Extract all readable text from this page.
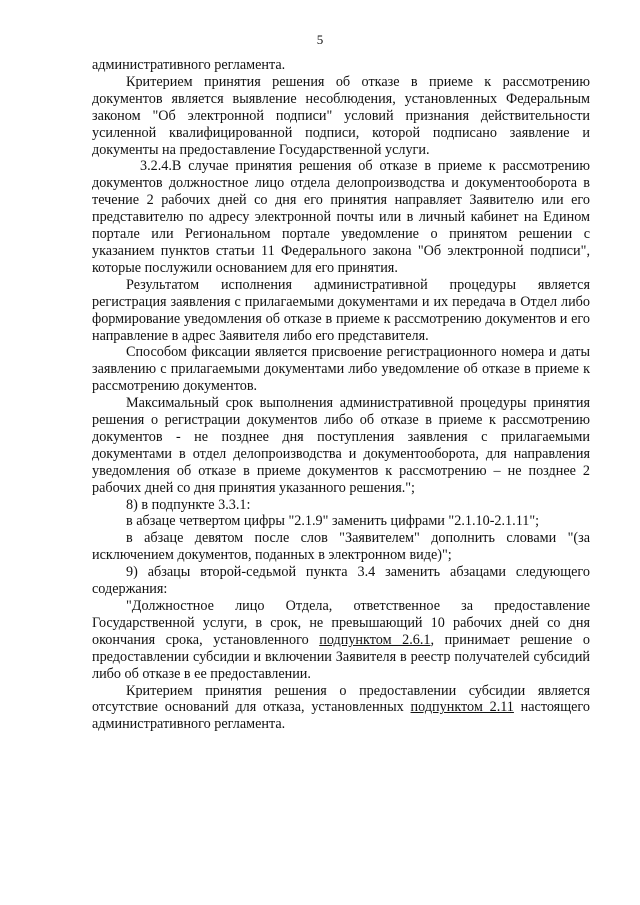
5

административного регламента.

Критерием принятия решения об отказе в приеме к рассмотрению документов является выявление несоблюдения, установленных Федеральным законом "Об электронной подписи" условий признания действительности усиленной квалифицированной подписи, которой подписано заявление и документы на предоставление Государственной услуги.

3.2.4.В случае принятия решения об отказе в приеме к рассмотрению документов должностное лицо отдела делопроизводства и документооборота в течение 2 рабочих дней со дня его принятия направляет Заявителю или его представителю по адресу электронной почты или в личный кабинет на Едином портале или Региональном портале уведомление о принятом решении с указанием пунктов статьи 11 Федерального закона "Об электронной подписи", которые послужили основанием для его принятия.

Результатом исполнения административной процедуры является регистрация заявления с прилагаемыми документами и их передача в Отдел либо формирование уведомления об отказе в приеме к рассмотрению документов и его направление в адрес Заявителя либо его представителя.

Способом фиксации является присвоение регистрационного номера и даты заявлению с прилагаемыми документами либо уведомление об отказе в приеме к рассмотрению документов.

Максимальный срок выполнения административной процедуры принятия решения о регистрации документов либо об отказе в приеме к рассмотрению документов - не позднее дня поступления заявления с прилагаемыми документами в отдел делопроизводства и документооборота, для направления уведомления об отказе в приеме документов к рассмотрению – не позднее 2 рабочих дней со дня принятия указанного решения.";

8) в подпункте 3.3.1:

в абзаце четвертом цифры "2.1.9" заменить цифрами "2.1.10-2.1.11";

в абзаце девятом после слов "Заявителем" дополнить словами "(за исключением документов, поданных в электронном виде)";

9) абзацы второй-седьмой пункта 3.4 заменить абзацами следующего содержания:

"Должностное лицо Отдела, ответственное за предоставление Государственной услуги, в срок, не превышающий 10 рабочих дней со дня окончания срока, установленного подпунктом 2.6.1, принимает решение о предоставлении субсидии и включении Заявителя в реестр получателей субсидий либо об отказе в ее предоставлении.

Критерием принятия решения о предоставлении субсидии является отсутствие оснований для отказа, установленных подпунктом 2.11 настоящего административного регламента.
